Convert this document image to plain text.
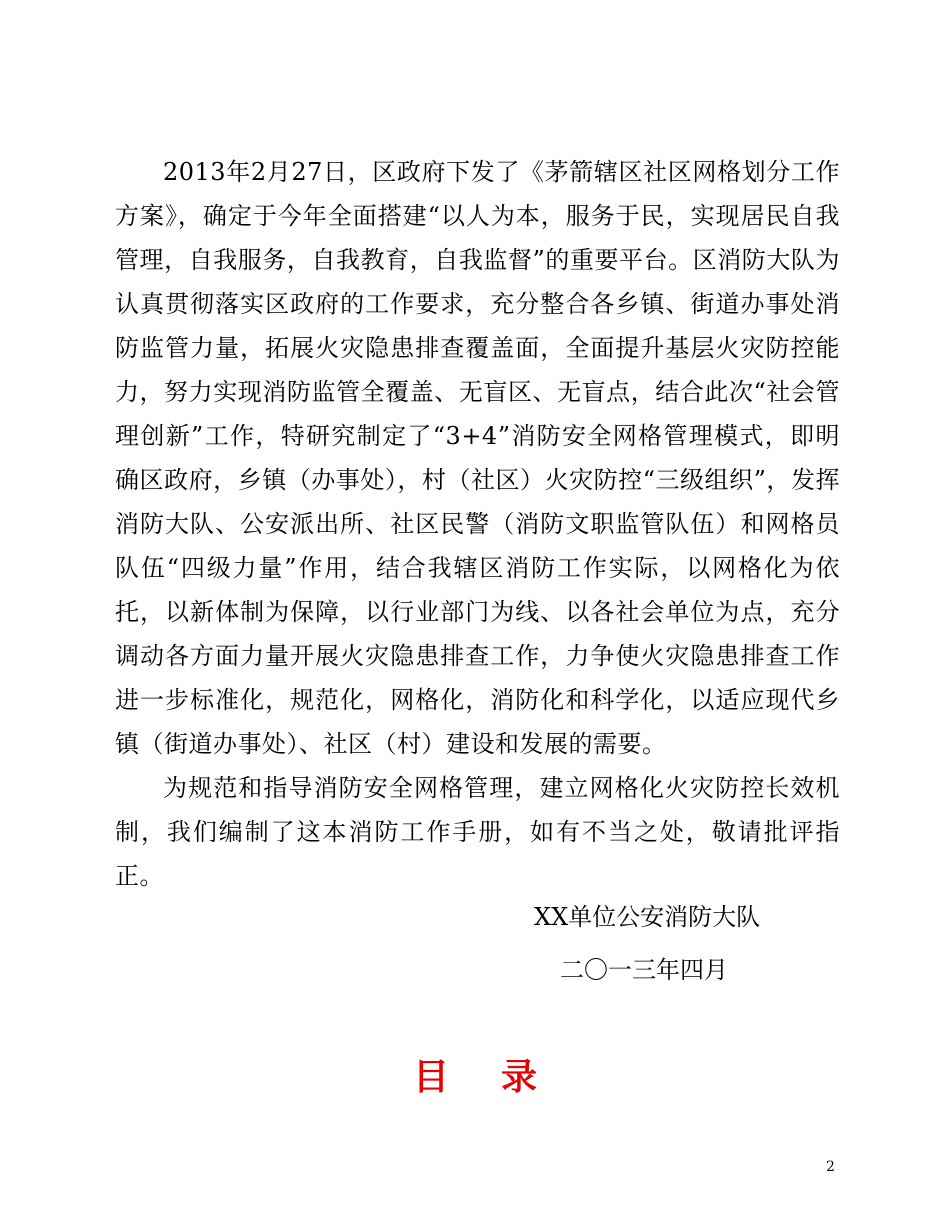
2013年2月27日，区政府下发了《茅箭辖区社区网格划分工作方案》，确定于今年全面搭建“以人为本，服务于民，实现居民自我管理，自我服务，自我教育，自我监督”的重要平台。区消防大队为认真贯彻落实区政府的工作要求，充分整合各乡镇、街道办事处消防监管力量，拓展火灾隐患排查覆盖面，全面提升基层火灾防控能力，努力实现消防监管全覆盖、无盲区、无盲点，结合此次“社会管理创新”工作，特研究制定了“3+4”消防安全网格管理模式，即明确区政府，乡镇（办事处），村（社区）火灾防控“三级组织”，发挥消防大队、公安派出所、社区民警（消防文职监管队伍）和网格员队伍“四级力量”作用，结合我辖区消防工作实际，以网格化为依托，以新体制为保障，以行业部门为线、以各社会单位为点，充分调动各方面力量开展火灾隐患排查工作，力争使火灾隐患排查工作进一步标准化，规范化，网格化，消防化和科学化，以适应现代乡镇（街道办事处）、社区（村）建设和发展的需要。

为规范和指导消防安全网格管理，建立网格化火灾防控长效机制，我们编制了这本消防工作手册，如有不当之处，敬请批评指正。

XX单位公安消防大队
二〇一三年四月
目录
2
